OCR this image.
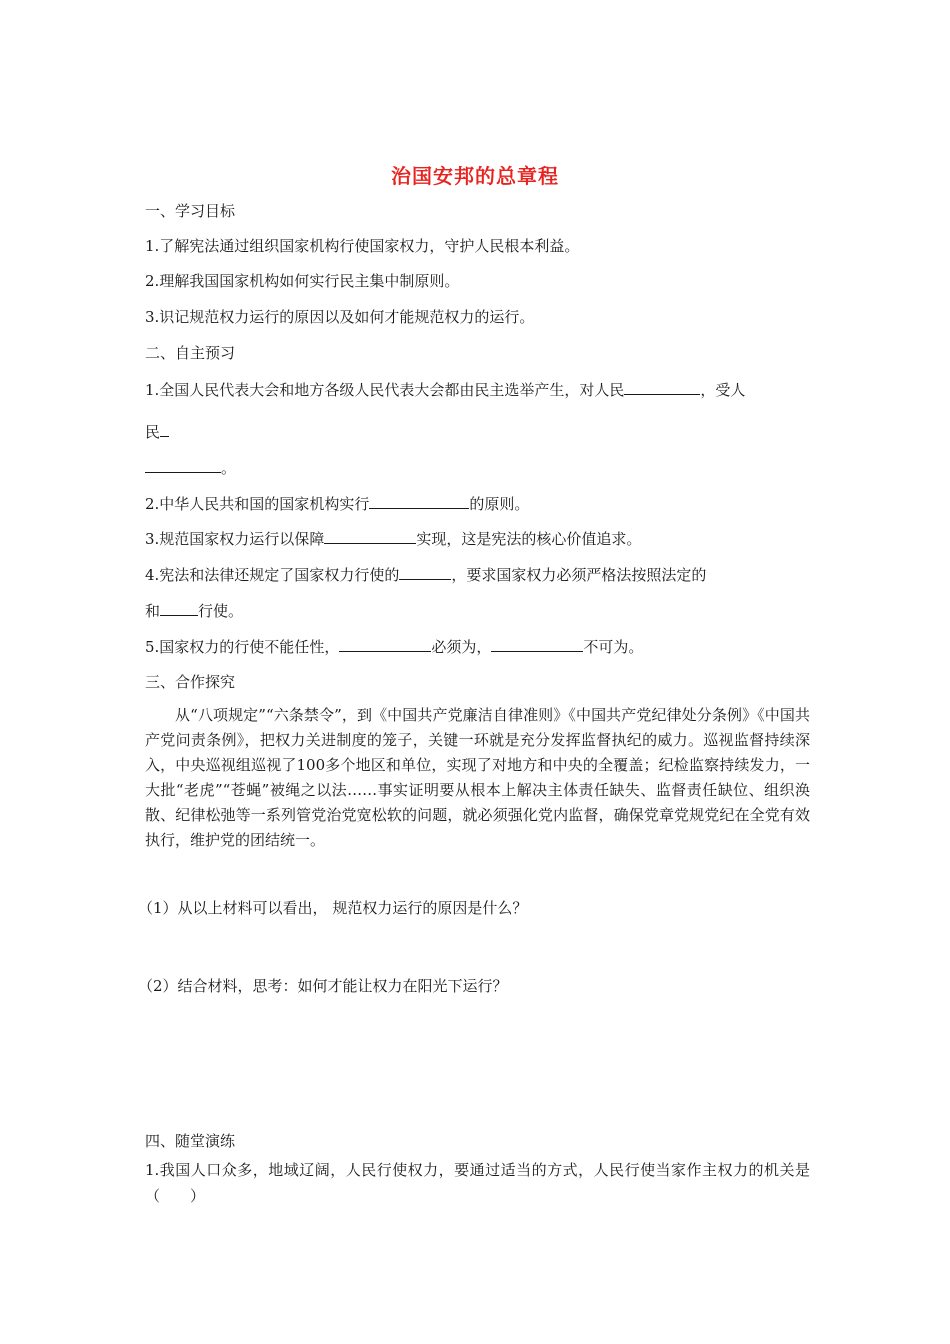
治国安邦的总章程
一、学习目标
1.了解宪法通过组织国家机构行使国家权力，守护人民根本利益。
2.理解我国国家机构如何实行民主集中制原则。
3.识记规范权力运行的原因以及如何才能规范权力的运行。
二、自主预习
1.全国人民代表大会和地方各级人民代表大会都由民主选举产生，对人民	，受人
民
。
2.中华人民共和国的国家机构实行	的原则。
3.规范国家权力运行以保障	实现，这是宪法的核心价值追求。
4.宪法和法律还规定了国家权力行使的	，要求国家权力必须严格法按照法定的
和	行使。
5.国家权力的行使不能任性，	必须为，	不可为。
三、合作探究
从“八项规定”“六条禁令”，到《中国共产党廉洁自律准则》《中国共产党纪律处分条例》《中国共产党问责条例》，把权力关进制度的笼子，关键一环就是充分发挥监督执纪的威力。巡视监督持续深入，中央巡视组巡视了100多个地区和单位，实现了对地方和中央的全覆盖；纪检监察持续发力，一大批“老虎”“苍蝇”被绳之以法……事实证明要从根本上解决主体责任缺失、监督责任缺位、组织涣散、纪律松弛等一系列管党治党宽松软的问题，就必须强化党内监督，确保党章党规党纪在全党有效执行，维护党的团结统一。
（1）从以上材料可以看出， 规范权力运行的原因是什么？
（2）结合材料，思考：如何才能让权力在阳光下运行？
四、随堂演练
1.我国人口众多，地域辽阔，人民行使权力，要通过适当的方式，人民行使当家作主权力的机关是（　　）
